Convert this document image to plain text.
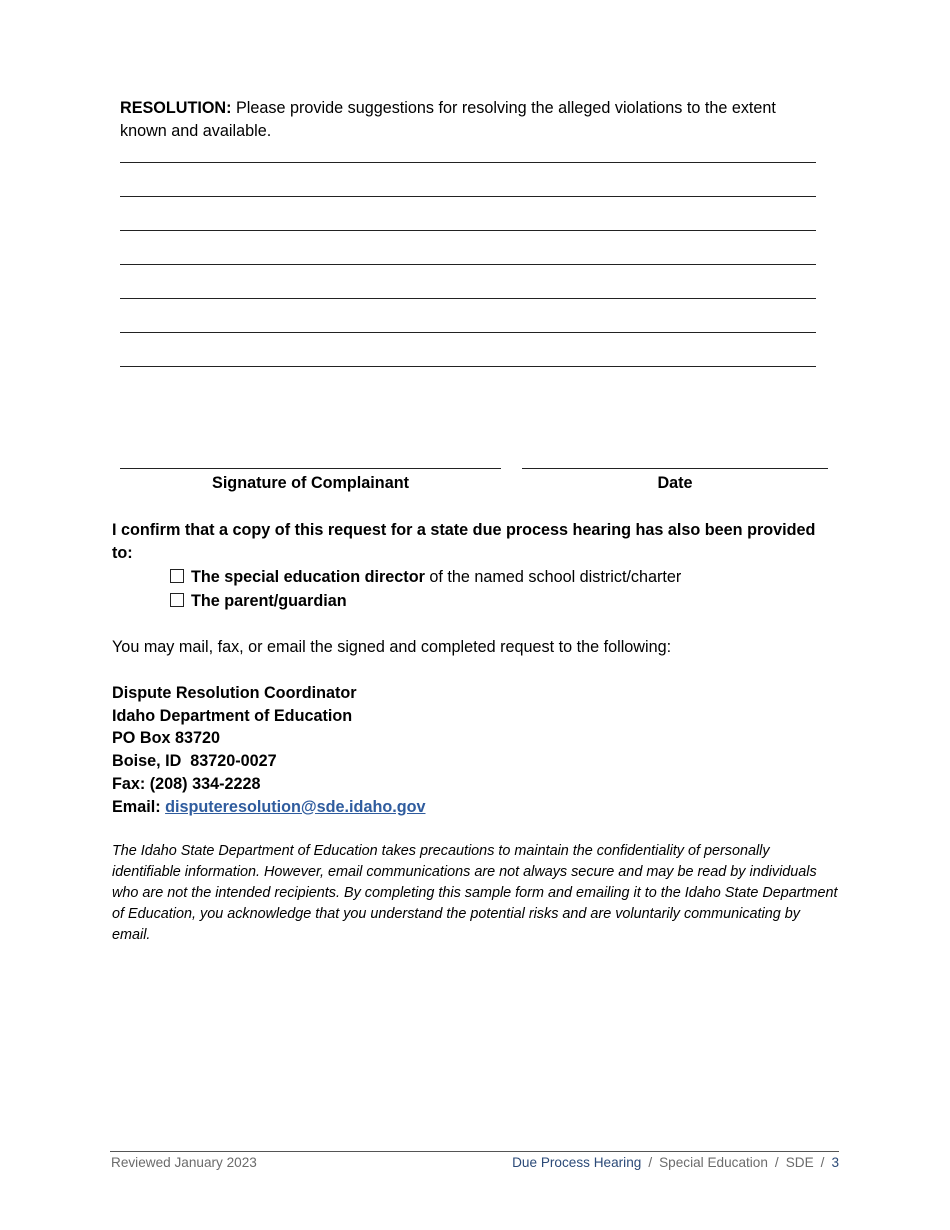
RESOLUTION: Please provide suggestions for resolving the alleged violations to the extent known and available.
Signature of Complainant	Date
I confirm that a copy of this request for a state due process hearing has also been provided to:
The special education director of the named school district/charter
The parent/guardian
You may mail, fax, or email the signed and completed request to the following:
Dispute Resolution Coordinator
Idaho Department of Education
PO Box 83720
Boise, ID  83720-0027
Fax: (208) 334-2228
Email: disputeresolution@sde.idaho.gov
The Idaho State Department of Education takes precautions to maintain the confidentiality of personally identifiable information. However, email communications are not always secure and may be read by individuals who are not the intended recipients. By completing this sample form and emailing it to the Idaho State Department of Education, you acknowledge that you understand the potential risks and are voluntarily communicating by email.
Reviewed January 2023	Due Process Hearing / Special Education / SDE / 3
